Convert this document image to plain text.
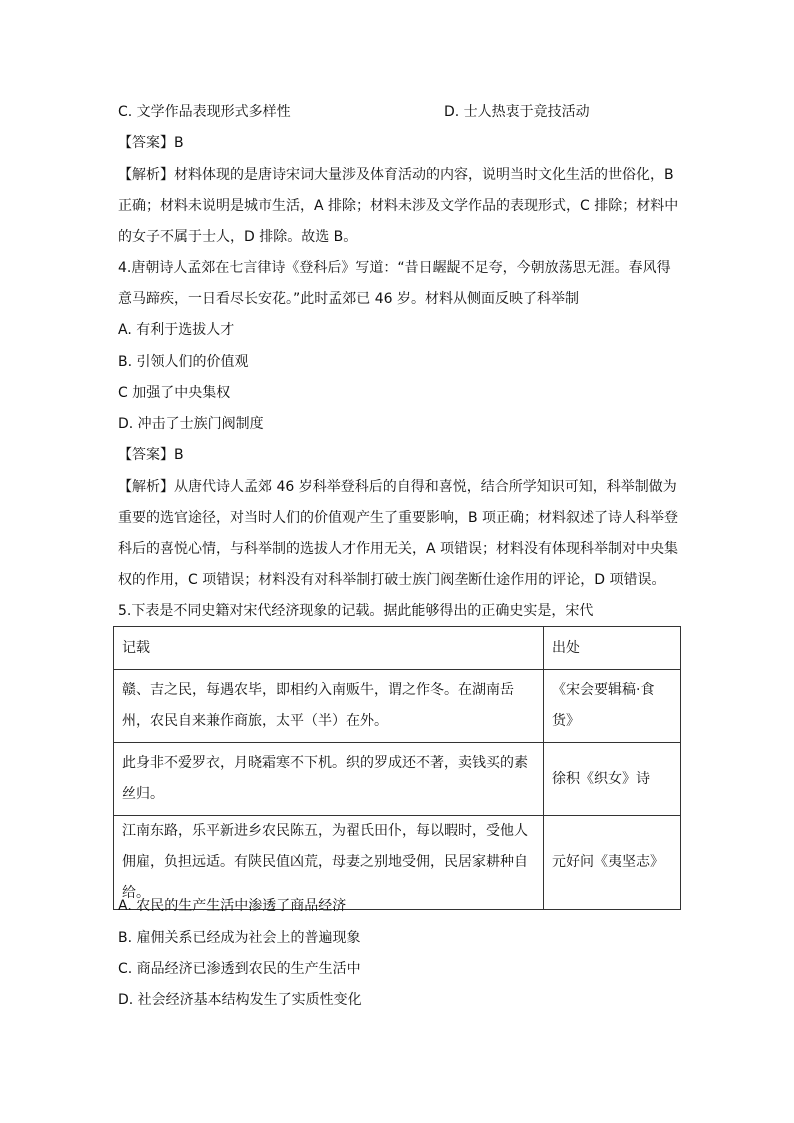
C. 文学作品表现形式多样性	D. 士人热衷于竞技活动
【答案】B
【解析】材料体现的是唐诗宋词大量涉及体育活动的内容，说明当时文化生活的世俗化，B
正确；材料未说明是城市生活，A 排除；材料未涉及文学作品的表现形式，C 排除；材料中
的女子不属于士人，D 排除。故选 B。
4.唐朝诗人孟郊在七言律诗《登科后》写道：“昔日龌龊不足夸，今朝放荡思无涯。春风得
意马蹄疾，一日看尽长安花。”此时孟郊已 46 岁。材料从侧面反映了科举制
A. 有利于选拔人才
B. 引领人们的价值观
C 加强了中央集权
D. 冲击了士族门阀制度
【答案】B
【解析】从唐代诗人孟郊 46 岁科举登科后的自得和喜悦，结合所学知识可知，科举制做为
重要的选官途径，对当时人们的价值观产生了重要影响，B 项正确；材料叙述了诗人科举登
科后的喜悦心情，与科举制的选拔人才作用无关，A 项错误；材料没有体现科举制对中央集
权的作用，C 项错误；材料没有对科举制打破士族门阀垄断仕途作用的评论，D 项错误。
5.下表是不同史籍对宋代经济现象的记载。据此能够得出的正确史实是，宋代
记载	出处
赣、吉之民，每遇农毕，即相约入南贩牛，谓之作冬。在湖南岳州，农民自来兼作商旅，太平（半）在外。	《宋会要辑稿·食货》
此身非不爱罗衣，月晓霜寒不下机。织的罗成还不著，卖钱买的素丝归。	徐积《织女》诗
江南东路，乐平新进乡农民陈五，为翟氏田仆，每以暇时，受他人佣雇，负担远适。有陕民值凶荒，母妻之别地受佣，民居家耕种自给。	元好问《夷坚志》
A. 农民的生产生活中渗透了商品经济
B. 雇佣关系已经成为社会上的普遍现象
C. 商品经济已渗透到农民的生产生活中
D. 社会经济基本结构发生了实质性变化
